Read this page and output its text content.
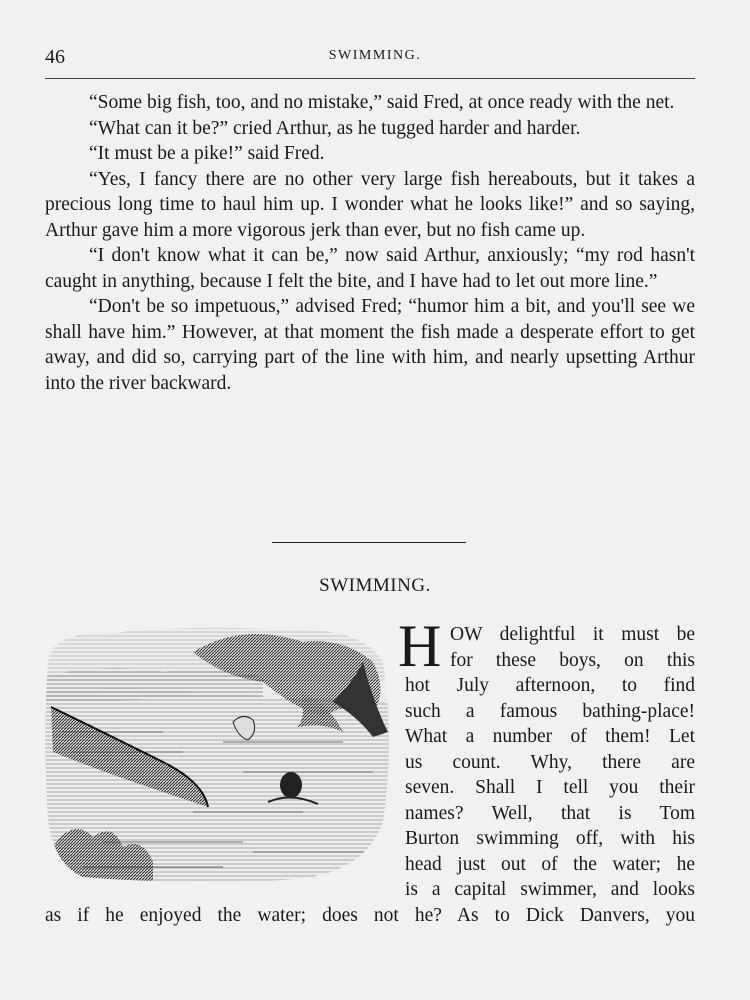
46	SWIMMING.

“Some big fish, too, and no mistake,” said Fred, at once ready with the net.

“What can it be?” cried Arthur, as he tugged harder and harder.

“It must be a pike!” said Fred.

“Yes, I fancy there are no other very large fish hereabouts, but it takes a precious long time to haul him up. I wonder what he looks like!” and so saying, Arthur gave him a more vigorous jerk than ever, but no fish came up.

“I don't know what it can be,” now said Arthur, anxiously; “my rod hasn't caught in anything, because I felt the bite, and I have had to let out more line.”

“Don't be so impetuous,” advised Fred; “humor him a bit, and you'll see we shall have him.” However, at that moment the fish made a desperate effort to get away, and did so, carrying part of the line with him, and nearly upsetting Arthur into the river backward.

SWIMMING.
H OW delightful it must be
for these boys, on this
hot July afternoon, to find
such a famous bathing-place!
What a number of them! Let
us count. Why, there are
seven. Shall I tell you their
names? Well, that is Tom
Burton swimming off, with his
head just out of the water; he
is a capital swimmer, and looks
as if he enjoyed the water; does not he? As to Dick Danvers, you
